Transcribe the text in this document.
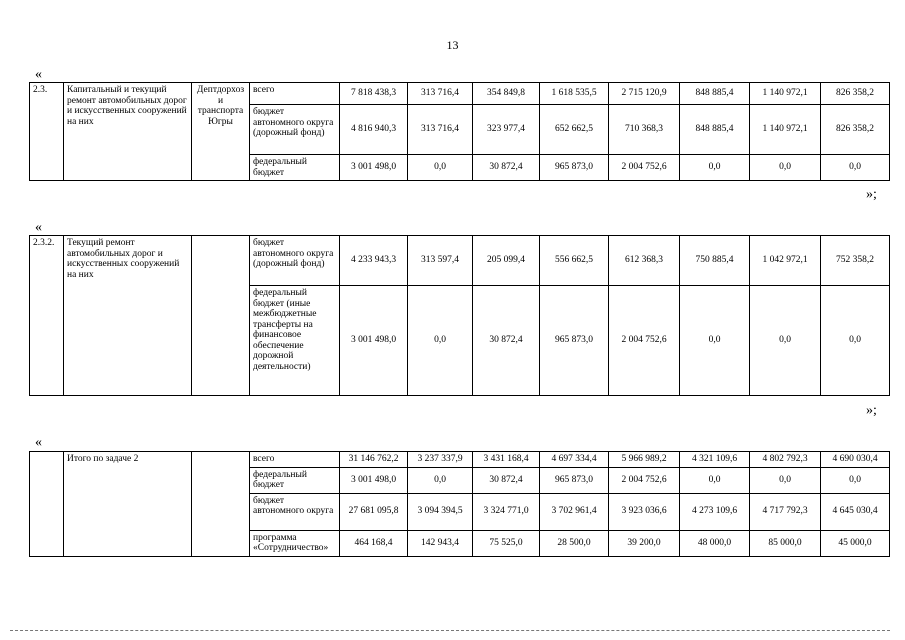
13
«
2.3.	Капитальный и текущий ремонт автомобильных дорог и искусственных сооружений на них	Дептдорхоз и транспорта Югры	всего	7 818 438,3	313 716,4	354 849,8	1 618 535,5	2 715 120,9	848 885,4	1 140 972,1	826 358,2
			бюджет автономного округа (дорожный фонд)	4 816 940,3	313 716,4	323 977,4	652 662,5	710 368,3	848 885,4	1 140 972,1	826 358,2
			федеральный бюджет	3 001 498,0	0,0	30 872,4	965 873,0	2 004 752,6	0,0	0,0	0,0
»;
«
2.3.2.	Текущий ремонт автомобильных дорог и искусственных сооружений на них		бюджет автономного округа (дорожный фонд)	4 233 943,3	313 597,4	205 099,4	556 662,5	612 368,3	750 885,4	1 042 972,1	752 358,2
			федеральный бюджет (иные межбюджетные трансферты на финансовое обеспечение дорожной деятельности)	3 001 498,0	0,0	30 872,4	965 873,0	2 004 752,6	0,0	0,0	0,0
»;
«
	Итого по задаче 2		всего	31 146 762,2	3 237 337,9	3 431 168,4	4 697 334,4	5 966 989,2	4 321 109,6	4 802 792,3	4 690 030,4
			федеральный бюджет	3 001 498,0	0,0	30 872,4	965 873,0	2 004 752,6	0,0	0,0	0,0
			бюджет автономного округа	27 681 095,8	3 094 394,5	3 324 771,0	3 702 961,4	3 923 036,6	4 273 109,6	4 717 792,3	4 645 030,4
			программа «Сотрудничество»	464 168,4	142 943,4	75 525,0	28 500,0	39 200,0	48 000,0	85 000,0	45 000,0
